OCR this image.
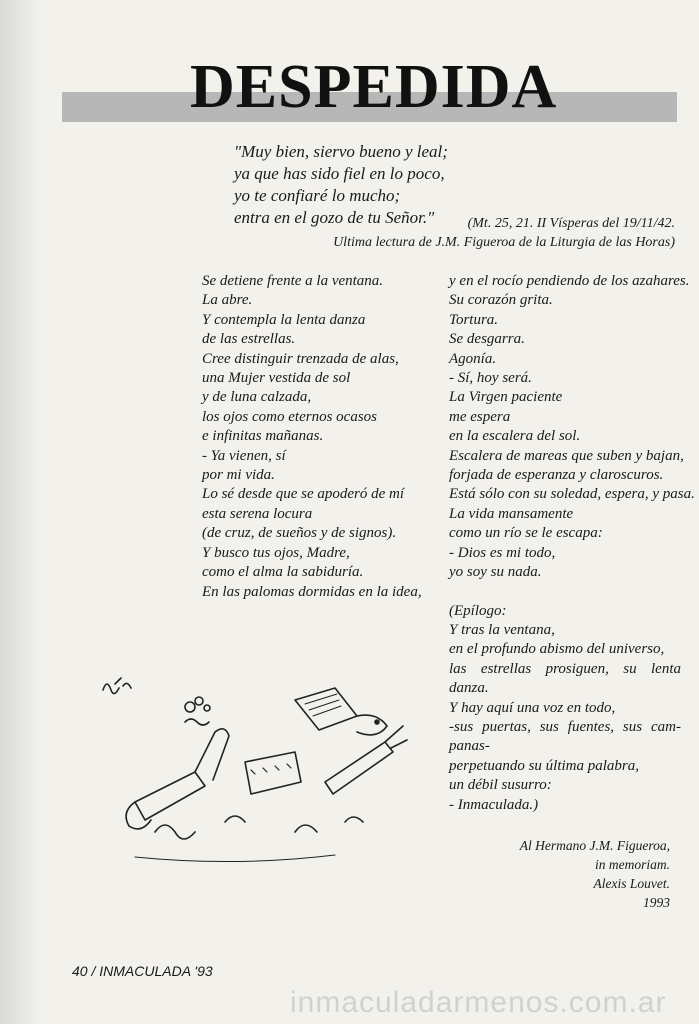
DESPEDIDA
"Muy bien, siervo bueno y leal;
ya que has sido fiel en lo poco,
yo te confiaré lo mucho;
entra en el gozo de tu Señor."	(Mt. 25, 21. II Vísperas del 19/11/42.
Ultima lectura de J.M. Figueroa de la Liturgia de las Horas)
Se detiene frente a la ventana.
La abre.
Y contempla la lenta danza
de las estrellas.
Cree distinguir trenzada de alas,
una Mujer vestida de sol
y de luna calzada,
los ojos como eternos ocasos
e infinitas mañanas.
- Ya vienen, sí
por mi vida.
Lo sé desde que se apoderó de mí
esta serena locura
(de cruz, de sueños y de signos).
Y busco tus ojos, Madre,
como el alma la sabiduría.
En las palomas dormidas en la idea,
y en el rocío pendiendo de los azahares.
Su corazón grita.
Tortura.
Se desgarra.
Agonía.
- Sí, hoy será.
La Virgen paciente
me espera
en la escalera del sol.
Escalera de mareas que suben y bajan,
forjada de esperanza y claroscuros.
Está sólo con su soledad, espera, y pasa.
La vida mansamente
como un río se le escapa:
- Dios es mi todo,
yo soy su nada.
(Epílogo:
Y tras la ventana,
en el profundo abismo del universo,
las estrellas prosiguen, su lenta
danza.
Y hay aquí una voz en todo,
-sus puertas, sus fuentes, sus cam-
panas-
perpetuando su última palabra,
un débil susurro:
- Inmaculada.)
Al Hermano J.M. Figueroa,
in memoriam.
Alexis Louvet.
1993
40 / INMACULADA '93
inmaculadarmenos.com.ar
